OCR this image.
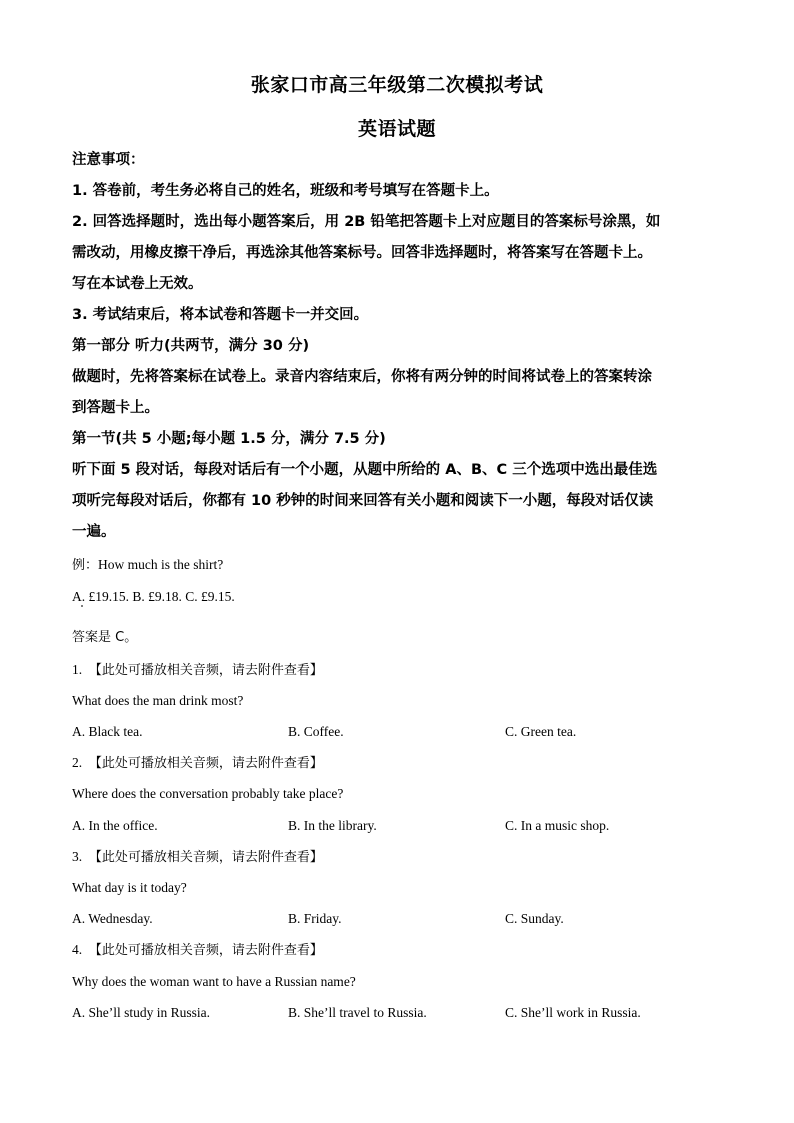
张家口市高三年级第二次模拟考试
英语试题
注意事项：
1. 答卷前，考生务必将自己的姓名，班级和考号填写在答题卡上。
2. 回答选择题时，选出每小题答案后，用 2B 铅笔把答题卡上对应题目的答案标号涂黑，如
需改动，用橡皮擦干净后，再选涂其他答案标号。回答非选择题时，将答案写在答题卡上。
写在本试卷上无效。
3. 考试结束后，将本试卷和答题卡一并交回。
第一部分 听力(共两节，满分 30 分)
做题时，先将答案标在试卷上。录音内容结束后，你将有两分钟的时间将试卷上的答案转涂
到答题卡上。
第一节(共 5 小题;每小题 1.5 分，满分 7.5 分)
听下面 5 段对话，每段对话后有一个小题，从题中所给的 A、B、C 三个选项中选出最佳选
项听完每段对话后，你都有 10 秒钟的时间来回答有关小题和阅读下一小题，每段对话仅读
一遍。
例：How much is the shirt?
A. £19.15. B. £9.18. C. £9.15.
答案是 C。
1. 【此处可播放相关音频，请去附件查看】
What does the man drink most?
A. Black tea.	B. Coffee.	C. Green tea.
2. 【此处可播放相关音频，请去附件查看】
Where does the conversation probably take place?
A. In the office.	B. In the library.	C. In a music shop.
3. 【此处可播放相关音频，请去附件查看】
What day is it today?
A. Wednesday.	B. Friday.	C. Sunday.
4. 【此处可播放相关音频，请去附件查看】
Why does the woman want to have a Russian name?
A. She’ll study in Russia.	B. She’ll travel to Russia.	C. She’ll work in Russia.
